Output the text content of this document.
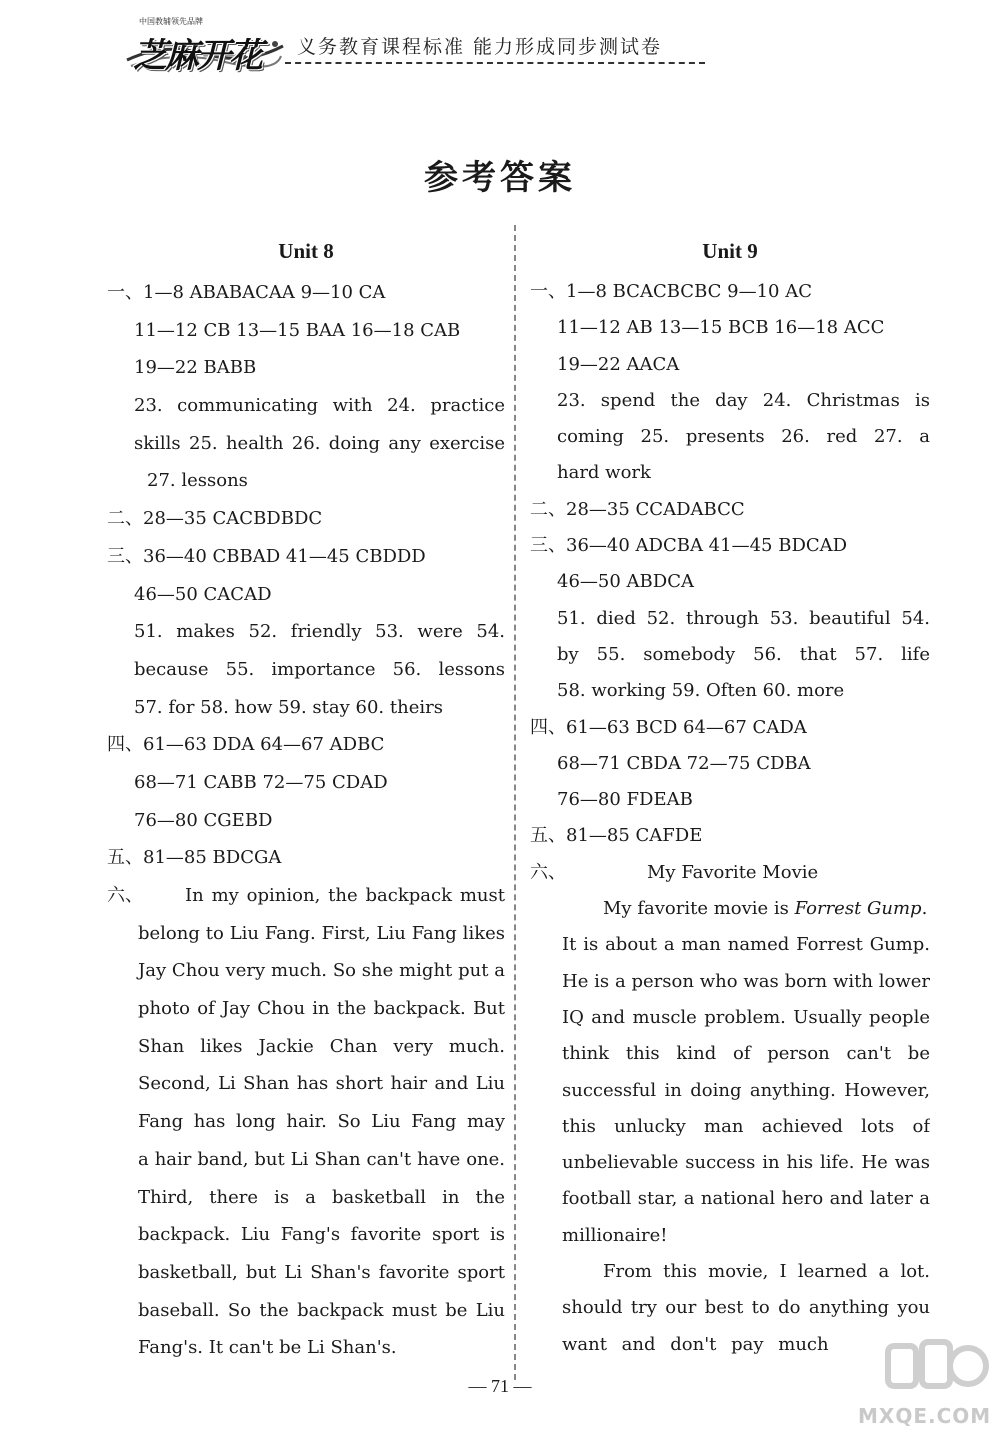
中国教辅领先品牌
芝麻开花 义务教育课程标准 能力形成同步测试卷
参考答案
Unit 8
一、1—8 ABABACAA 9—10 CA
11—12 CB 13—15 BAA 16—18 CAB
19—22 BABB
23. communicating with 24. practice
skills 25. health 26. doing any exercise
27. lessons
二、28—35 CACBDBDC
三、36—40 CBBAD 41—45 CBDDD
46—50 CACAD
51. makes 52. friendly 53. were 54.
because 55. importance 56. lessons
57. for 58. how 59. stay 60. theirs
四、61—63 DDA 64—67 ADBC
68—71 CABB 72—75 CDAD
76—80 CGEBD
五、81—85 BDCGA
六、 In my opinion, the backpack must
belong to Liu Fang. First, Liu Fang likes
Jay Chou very much. So she might put a
photo of Jay Chou in the backpack. But
Shan likes Jackie Chan very much.
Second, Li Shan has short hair and Liu
Fang has long hair. So Liu Fang may
a hair band, but Li Shan can't have one.
Third, there is a basketball in the
backpack. Liu Fang's favorite sport is
basketball, but Li Shan's favorite sport
baseball. So the backpack must be Liu
Fang's. It can't be Li Shan's.
Unit 9
一、1—8 BCACBCBC 9—10 AC
11—12 AB 13—15 BCB 16—18 ACC
19—22 AACA
23. spend the day 24. Christmas is
coming 25. presents 26. red 27. a
hard work
二、28—35 CCADABCC
三、36—40 ADCBA 41—45 BDCAD
46—50 ABDCA
51. died 52. through 53. beautiful 54.
by 55. somebody 56. that 57. life
58. working 59. Often 60. more
四、61—63 BCD 64—67 CADA
68—71 CBDA 72—75 CDBA
76—80 FDEAB
五、81—85 CAFDE
六、	My Favorite Movie
My favorite movie is Forrest Gump.
It is about a man named Forrest Gump.
He is a person who was born with lower
IQ and muscle problem. Usually people
think this kind of person can't be
successful in doing anything. However,
this unlucky man achieved lots of
unbelievable success in his life. He was
football star, a national hero and later a
millionaire!
From this movie, I learned a lot.
should try our best to do anything you
want and don't pay much
— 71 —
MXQE.COM
